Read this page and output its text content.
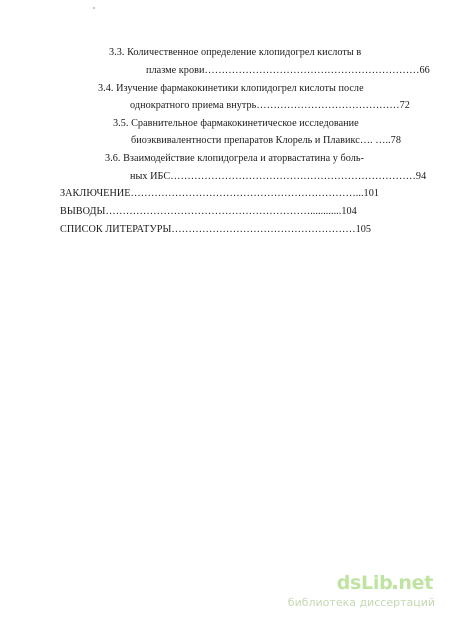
3.3. Количественное определение клопидогрел кислоты в
плазме крови………………………………………………………66
3.4. Изучение фармакокинетики клопидогрел кислоты после
однократного приема внутрь……………………………………72
3.5. Сравнительное фармакокинетическое исследование
биоэквивалентности препаратов Клорель и Плавикс…. …..78
3.6. Взаимодействие клопидогрела и аторвастатина у боль-
ных ИБС………………………………………………………………94
ЗАКЛЮЧЕНИЕ…………………………………………………………...101
ВЫВОДЫ……………………………………………………............104
СПИСОК ЛИТЕРАТУРЫ………………………………………………105
dsLib net
библиотека диссертаций
